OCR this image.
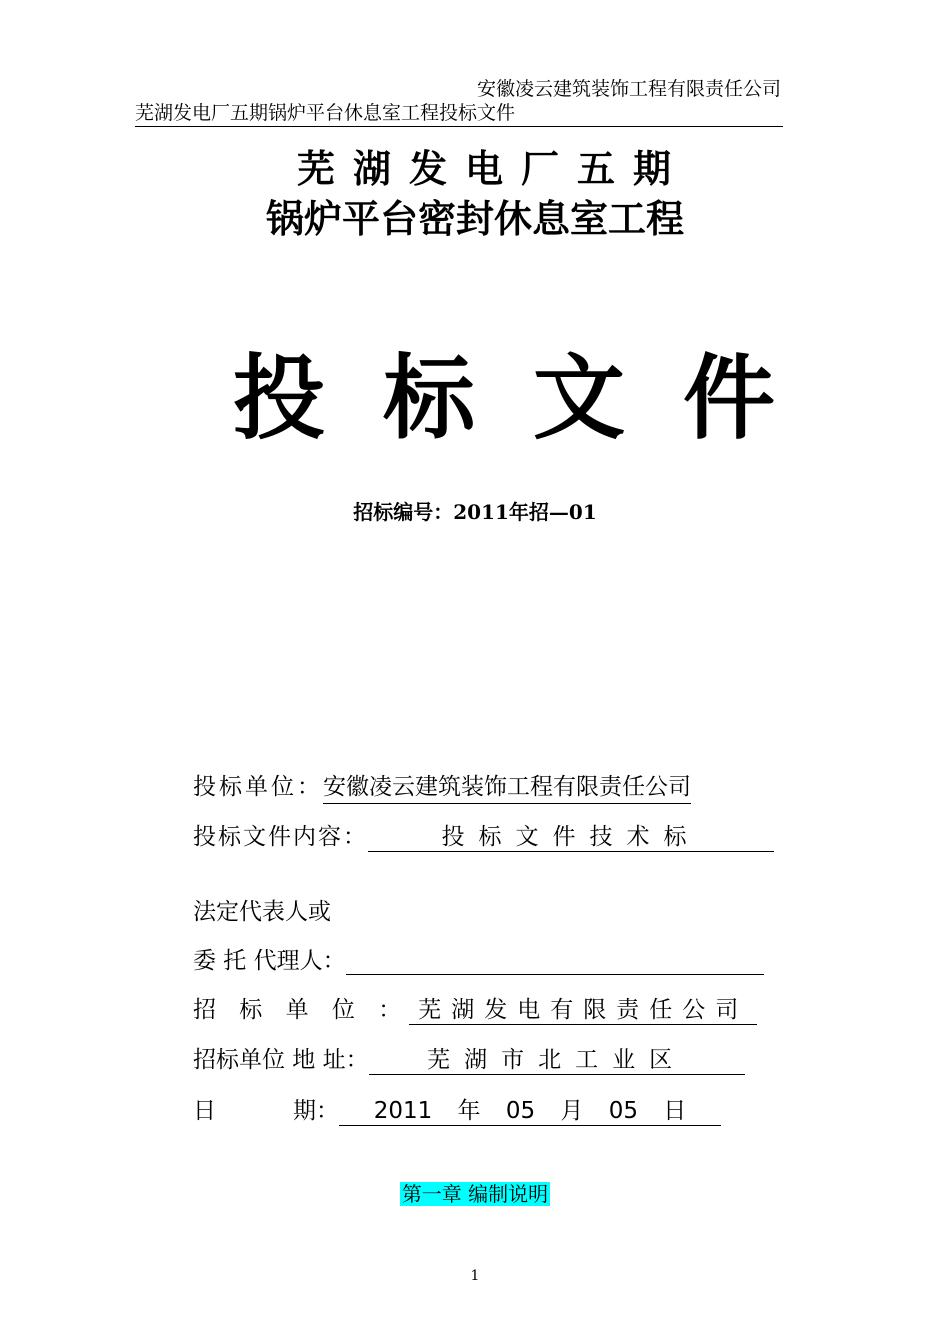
安徽凌云建筑装饰工程有限责任公司
芜湖发电厂五期锅炉平台休息室工程投标文件
芜湖发电厂五期
锅炉平台密封休息室工程
投标文件
招标编号：2011年招—01
投标单位：安徽凌云建筑装饰工程有限责任公司
投标文件内容：	投标文件技术标
法定代表人或
委 托 代理人：
招 标 单 位 ： 芜湖发电有限责任公司
招标单位 地 址：	芜湖市北工业区
日	期： 2011 年 05 月 05 日
第一章 编制说明
1
